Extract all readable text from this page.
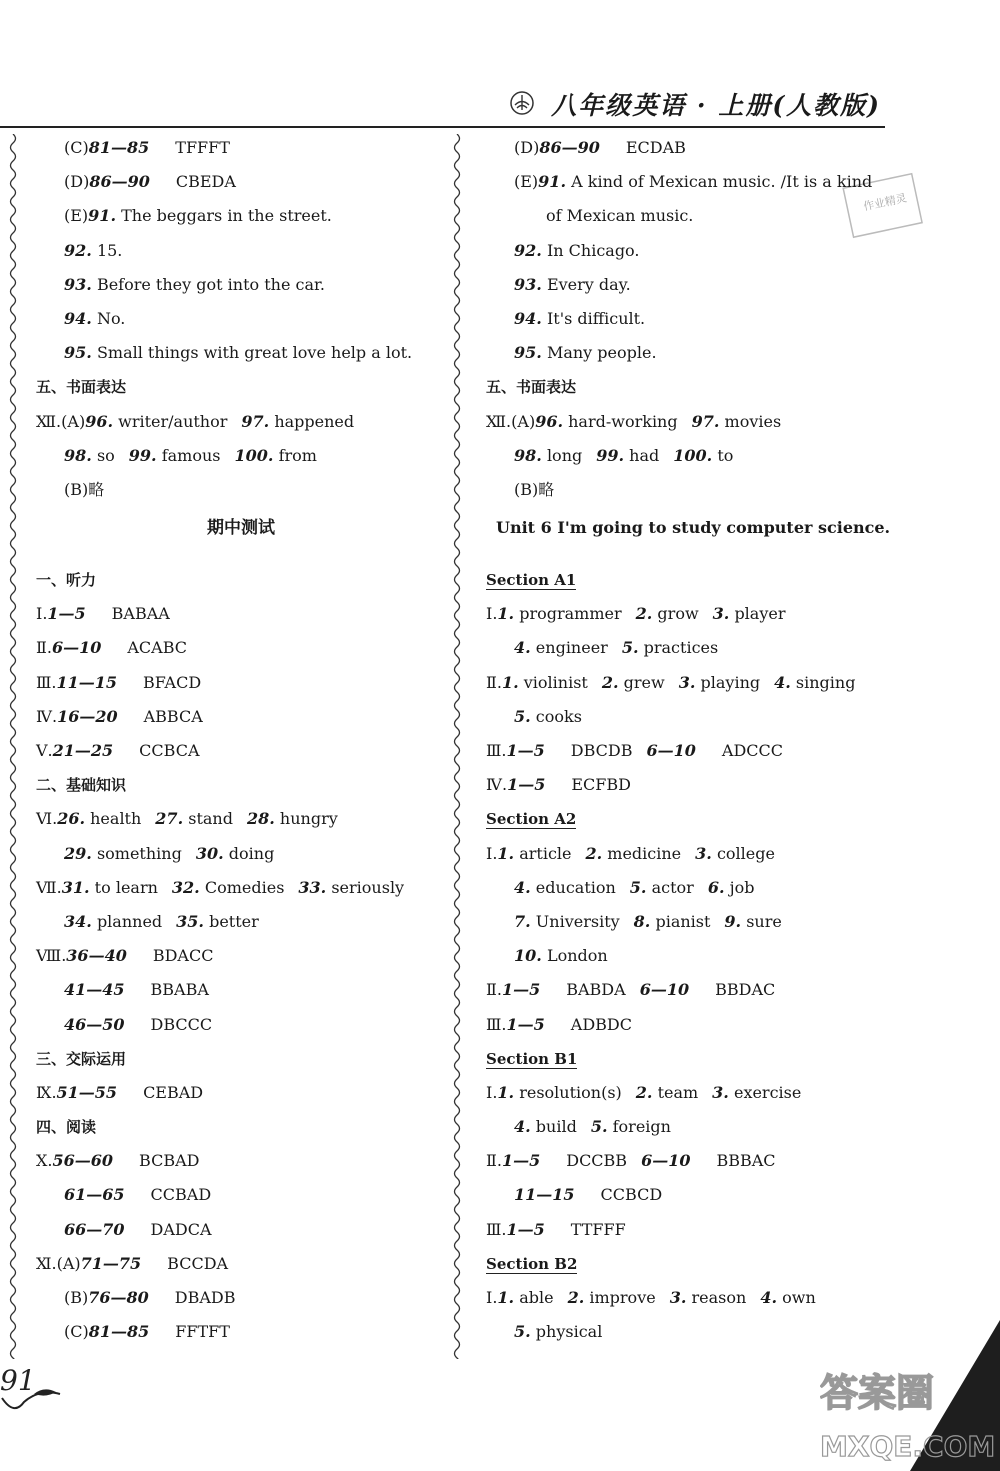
八年级英语 · 上册(人教版)
作业精灵
(C)81—85 TFFFT
(D)86—90 CBEDA
(E)91. The beggars in the street.
92. 15.
93. Before they got into the car.
94. No.
95. Small things with great love help a lot.
五、书面表达
Ⅻ.(A)96. writer/author 97. happened
98. so 99. famous 100. from
(B)略
期中测试
一、听力
Ⅰ.1—5 BABAA
Ⅱ.6—10 ACABC
Ⅲ.11—15 BFACD
Ⅳ.16—20 ABBCA
Ⅴ.21—25 CCBCA
二、基础知识
Ⅵ.26. health 27. stand 28. hungry
29. something 30. doing
Ⅶ.31. to learn 32. Comedies 33. seriously
34. planned 35. better
Ⅷ.36—40 BDACC
41—45 BBABA
46—50 DBCCC
三、交际运用
Ⅸ.51—55 CEBAD
四、阅读
Ⅹ.56—60 BCBAD
61—65 CCBAD
66—70 DADCA
Ⅺ.(A)71—75 BCCDA
(B)76—80 DBADB
(C)81—85 FFTFT
(D)86—90 ECDAB
(E)91. A kind of Mexican music. /It is a kind
of Mexican music.
92. In Chicago.
93. Every day.
94. It's difficult.
95. Many people.
五、书面表达
Ⅻ.(A)96. hard-working 97. movies
98. long 99. had 100. to
(B)略
Unit 6 I'm going to study computer science.
Section A1
Ⅰ.1. programmer 2. grow 3. player
4. engineer 5. practices
Ⅱ.1. violinist 2. grew 3. playing 4. singing
5. cooks
Ⅲ.1—5 DBCDB 6—10 ADCCC
Ⅳ.1—5 ECFBD
Section A2
Ⅰ.1. article 2. medicine 3. college
4. education 5. actor 6. job
7. University 8. pianist 9. sure
10. London
Ⅱ.1—5 BABDA 6—10 BBDAC
Ⅲ.1—5 ADBDC
Section B1
Ⅰ.1. resolution(s) 2. team 3. exercise
4. build 5. foreign
Ⅱ.1—5 DCCBB 6—10 BBBAC
11—15 CCBCD
Ⅲ.1—5 TTFFF
Section B2
Ⅰ.1. able 2. improve 3. reason 4. own
5. physical
91	答案圈
MXQE.COM
